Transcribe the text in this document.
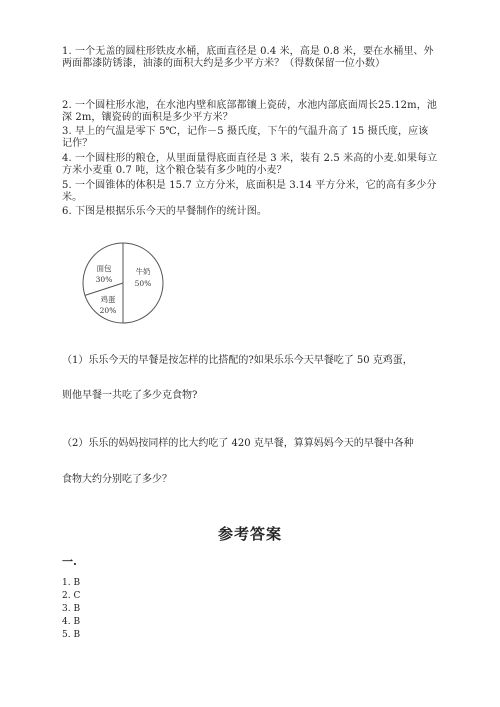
1. 一个无盖的圆柱形铁皮水桶，底面直径是 0.4 米，高是 0.8 米，要在水桶里、外两面都漆防锈漆，油漆的面积大约是多少平方米？（得数保留一位小数）
2. 一个圆柱形水池，在水池内壁和底部都镶上瓷砖，水池内部底面周长25.12m，池深 2m，镶瓷砖的面积是多少平方米？
3. 早上的气温是零下 5℃，记作－5 摄氏度，下午的气温升高了 15 摄氏度，应该记作？
4. 一个圆柱形的粮仓，从里面量得底面直径是 3 米，装有 2.5 米高的小麦.如果每立方米小麦重 0.7 吨，这个粮仓装有多少吨的小麦？
5. 一个圆锥体的体积是 15.7 立方分米，底面积是 3.14 平方分米，它的高有多少分米。
6. 下图是根据乐乐今天的早餐制作的统计图。
牛奶
50%
面包
30%
鸡蛋
20%
（1）乐乐今天的早餐是按怎样的比搭配的?如果乐乐今天早餐吃了 50 克鸡蛋，
则他早餐一共吃了多少克食物?
（2）乐乐的妈妈按同样的比大约吃了 420 克早餐，算算妈妈今天的早餐中各种
食物大约分别吃了多少？
参考答案
一.
1. B
2. C
3. B
4. B
5. B
